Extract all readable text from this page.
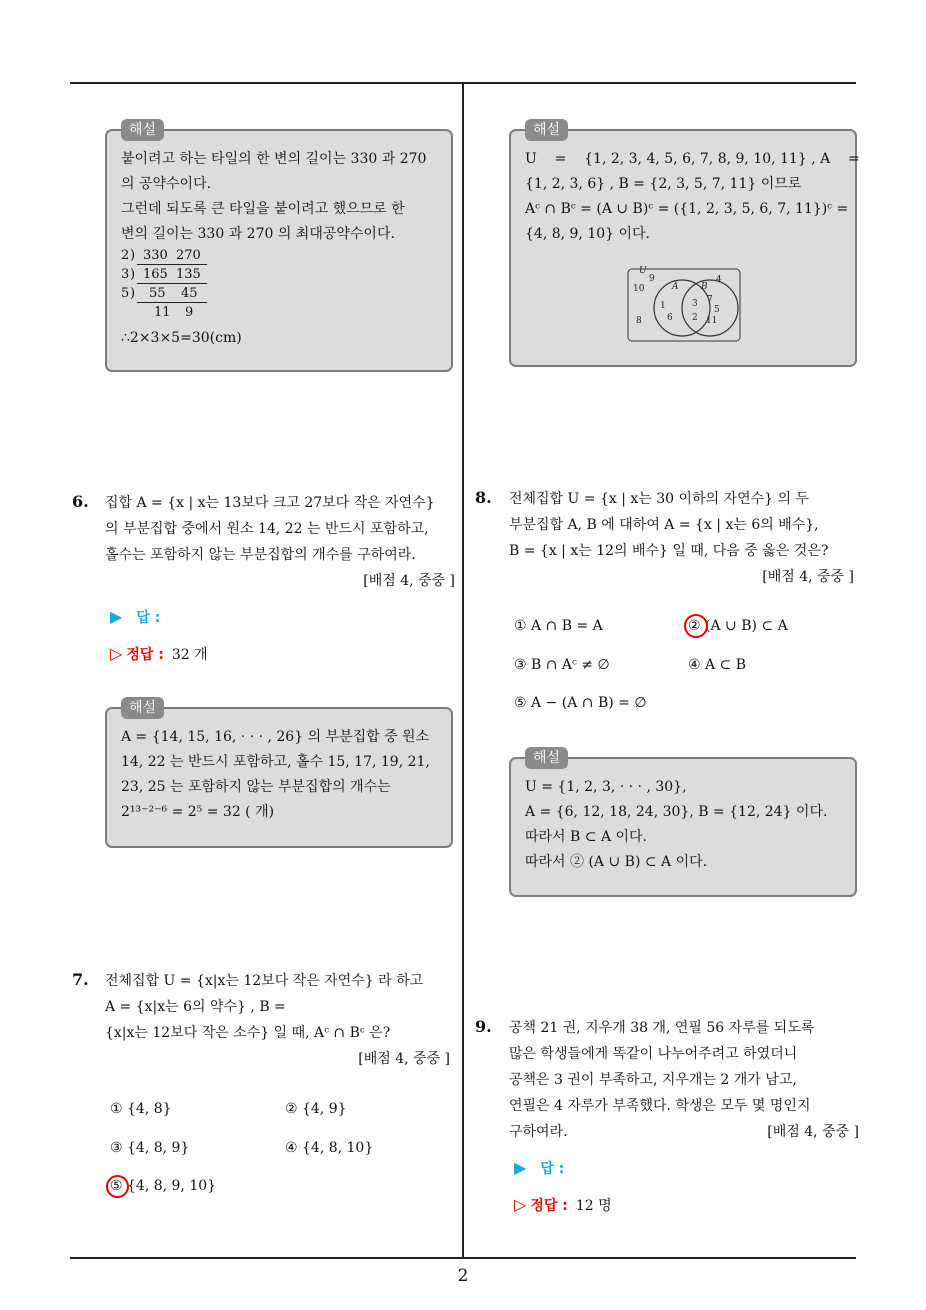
2
해설
붙이려고 하는 타일의 한 변의 길이는 330 과 270
의 공약수이다.
그런데 되도록 큰 타일을 붙이려고 했으므로 한
변의 길이는 330 과 270 의 최대공약수이다.
2 ) 330 270
3 ) 165 135
5 ) 55 45
11 9
∴2×3×5=30(cm)
해설
U    =    {1, 2, 3, 4, 5, 6, 7, 8, 9, 10, 11} , A    =
{1, 2, 3, 6} , B = {2, 3, 5, 7, 11} 이므로
Aᶜ ∩ Bᶜ = (A ∪ B)ᶜ = ({1, 2, 3, 5, 6, 7, 11})ᶜ =
{4, 8, 9, 10} 이다.
U
A	B
10
9
8
4
1
6
3
2
7
5
11
6. 집합 A = {x | x는 13보다 크고 27보다 작은 자연수}
의 부분집합 중에서 원소 14, 22 는 반드시 포함하고,
홀수는 포함하지 않는 부분집합의 개수를 구하여라.
[배점 4, 중중 ]
▶ 답 :
▷ 정답 : 32 개
해설
A = {14, 15, 16, · · · , 26} 의 부분집합 중 원소
14, 22 는 반드시 포함하고, 홀수 15, 17, 19, 21,
23, 25 는 포함하지 않는 부분집합의 개수는
2¹³⁻²⁻⁶ = 2⁵ = 32 ( 개)
7. 전체집합 U = {x|x는 12보다 작은 자연수} 라 하고
A = {x|x는 6의 약수} , B =
{x|x는 12보다 작은 소수} 일 때, Aᶜ ∩ Bᶜ 은?
[배점 4, 중중 ]
① {4, 8}	② {4, 9}
③ {4, 8, 9}	④ {4, 8, 10}
⑤ {4, 8, 9, 10}
8. 전체집합 U = {x | x는 30 이하의 자연수} 의 두
부분집합 A, B 에 대하여 A = {x | x는 6의 배수},
B = {x | x는 12의 배수} 일 때, 다음 중 옳은 것은?
[배점 4, 중중 ]
① A ∩ B = A	② (A ∪ B) ⊂ A
③ B ∩ Aᶜ ≠ ∅	④ A ⊂ B
⑤ A − (A ∩ B) = ∅
해설
U = {1, 2, 3, · · · , 30},
A = {6, 12, 18, 24, 30}, B = {12, 24} 이다.
따라서 B ⊂ A 이다.
따라서 ② (A ∪ B) ⊂ A 이다.
9. 공책 21 권, 지우개 38 개, 연필 56 자루를 되도록
많은 학생들에게 똑같이 나누어주려고 하였더니
공책은 3 권이 부족하고, 지우개는 2 개가 남고,
연필은 4 자루가 부족했다. 학생은 모두 몇 명인지
구하여라.	[배점 4, 중중 ]
▶ 답 :
▷ 정답 : 12 명
